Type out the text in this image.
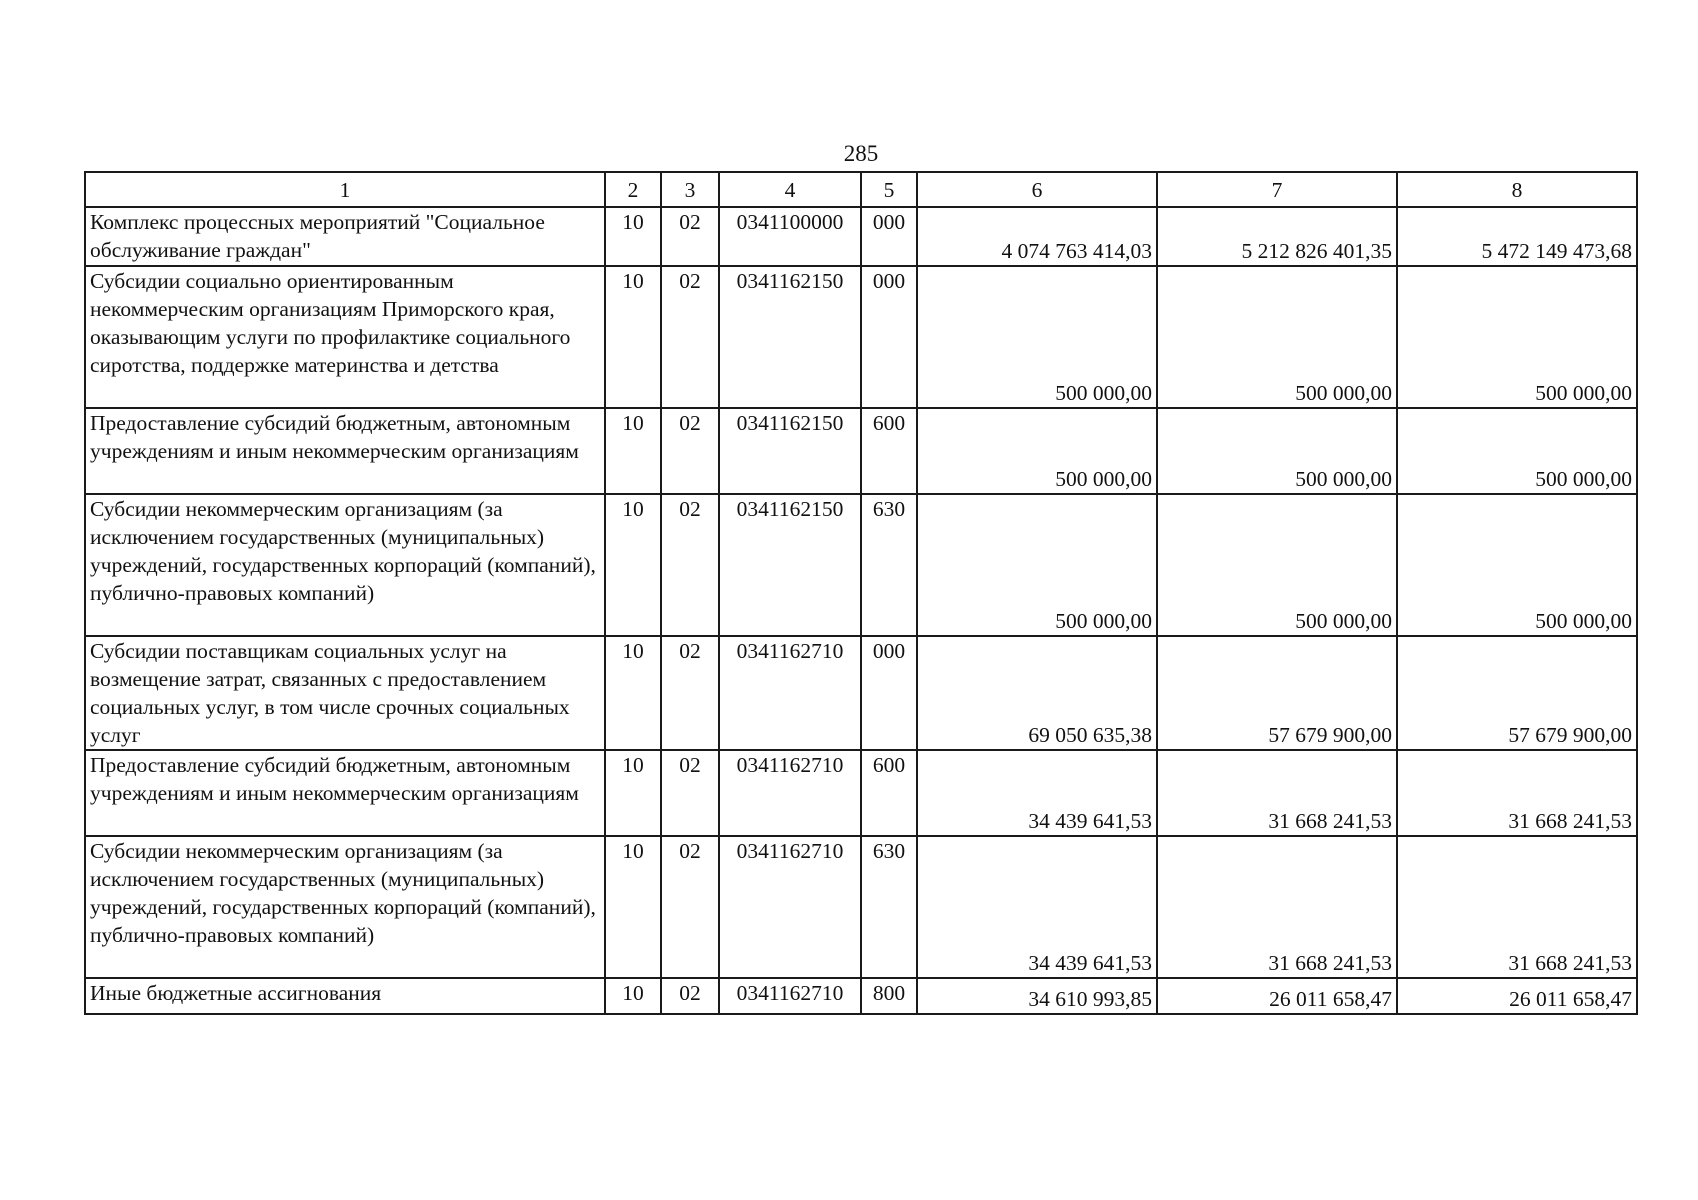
285
1	2	3	4	5	6	7	8
Комплекс процессных мероприятий "Социальное обслуживание граждан"	10	02	0341100000	000	4 074 763 414,03	5 212 826 401,35	5 472 149 473,68
Субсидии социально ориентированным некоммерческим организациям Приморского края, оказывающим услуги по профилактике социального сиротства, поддержке материнства и детства	10	02	0341162150	000	500 000,00	500 000,00	500 000,00
Предоставление субсидий бюджетным, автономным учреждениям и иным некоммерческим организациям	10	02	0341162150	600	500 000,00	500 000,00	500 000,00
Субсидии некоммерческим организациям (за исключением государственных (муниципальных) учреждений, государственных корпораций (компаний), публично-правовых компаний)	10	02	0341162150	630	500 000,00	500 000,00	500 000,00
Субсидии поставщикам социальных услуг на возмещение затрат, связанных с предоставлением социальных услуг, в том числе срочных социальных услуг	10	02	0341162710	000	69 050 635,38	57 679 900,00	57 679 900,00
Предоставление субсидий бюджетным, автономным учреждениям и иным некоммерческим организациям	10	02	0341162710	600	34 439 641,53	31 668 241,53	31 668 241,53
Субсидии некоммерческим организациям (за исключением государственных (муниципальных) учреждений, государственных корпораций (компаний), публично-правовых компаний)	10	02	0341162710	630	34 439 641,53	31 668 241,53	31 668 241,53
Иные бюджетные ассигнования	10	02	0341162710	800	34 610 993,85	26 011 658,47	26 011 658,47
